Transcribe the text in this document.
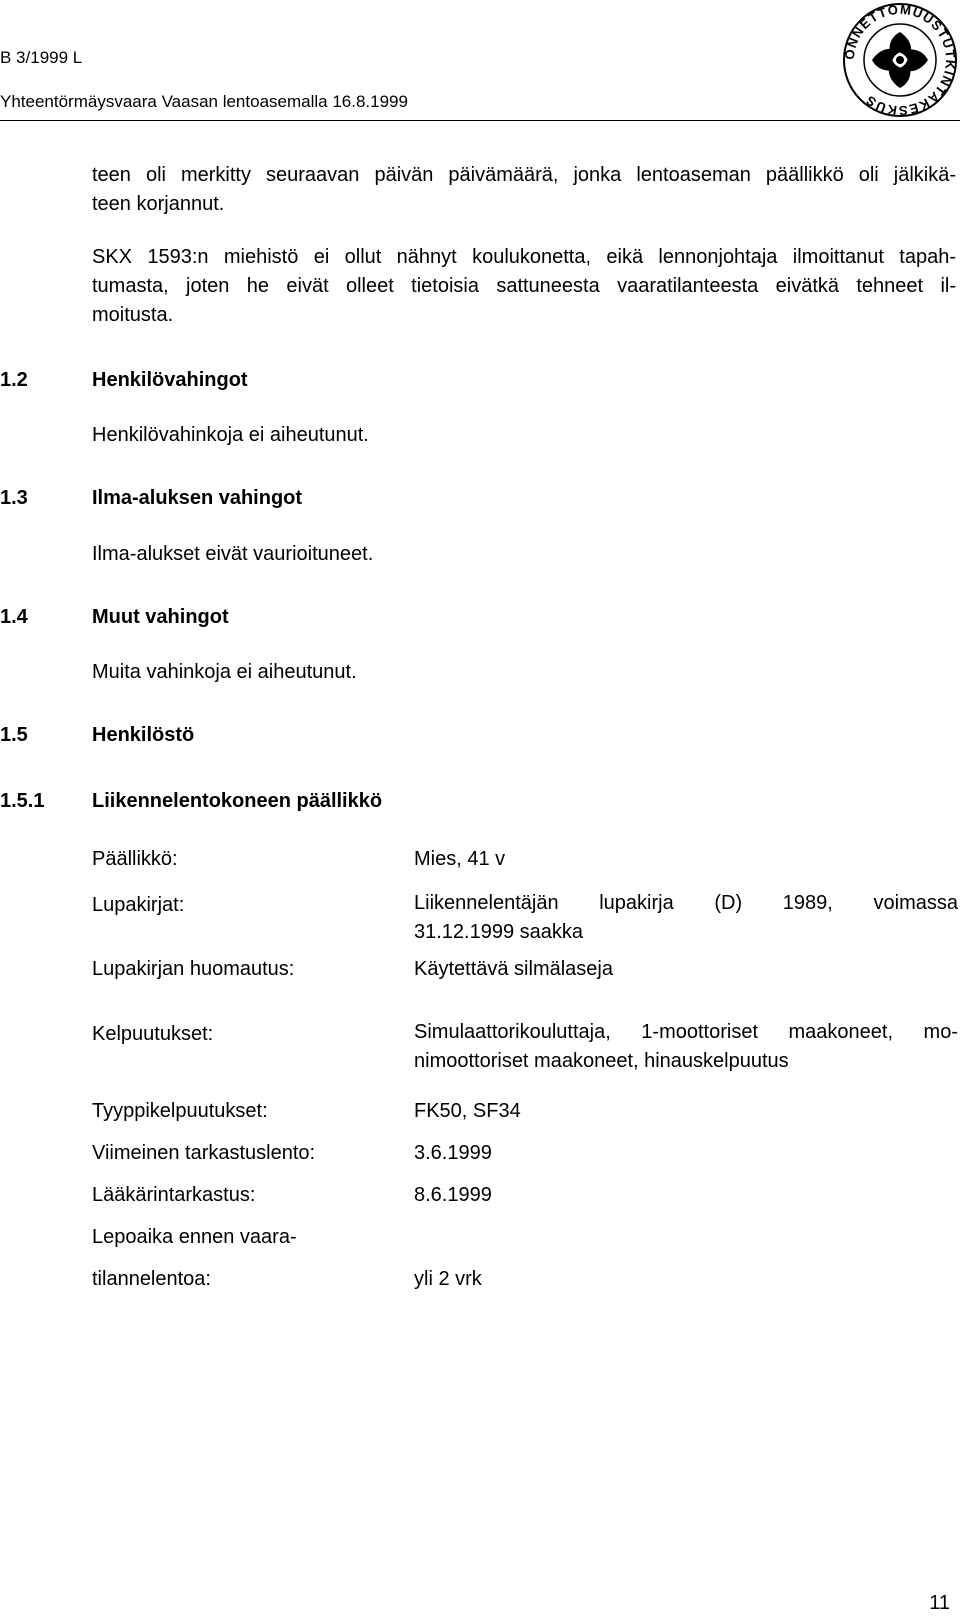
B 3/1999 L
Yhteentörmäysvaara Vaasan lentoasemalla 16.8.1999
ONNETTOMUUSTUTKINTAKESKUS
teen oli merkitty seuraavan päivän päivämäärä, jonka lentoaseman päällikkö oli jälkikä-
teen korjannut.
SKX 1593:n miehistö ei ollut nähnyt koulukonetta, eikä lennonjohtaja ilmoittanut tapah-
tumasta, joten he eivät olleet tietoisia sattuneesta vaaratilanteesta eivätkä tehneet il-
moitusta.
1.2	Henkilövahingot
Henkilövahinkoja ei aiheutunut.
1.3	Ilma-aluksen vahingot
Ilma-alukset eivät vaurioituneet.
1.4	Muut vahingot
Muita vahinkoja ei aiheutunut.
1.5	Henkilöstö
1.5.1 Liikennelentokoneen päällikkö
Päällikkö:	Mies, 41 v
Lupakirjat:	Liikennelentäjän lupakirja (D) 1989, voimassa
31.12.1999 saakka
Lupakirjan huomautus:	Käytettävä silmälaseja
Kelpuutukset:	Simulaattorikouluttaja, 1-moottoriset maakoneet, mo-
nimoottoriset maakoneet, hinauskelpuutus
Tyyppikelpuutukset:	FK50, SF34
Viimeinen tarkastuslento:	3.6.1999
Lääkärintarkastus:	8.6.1999
Lepoaika ennen vaara-
tilannelentoa:	yli 2 vrk
11
